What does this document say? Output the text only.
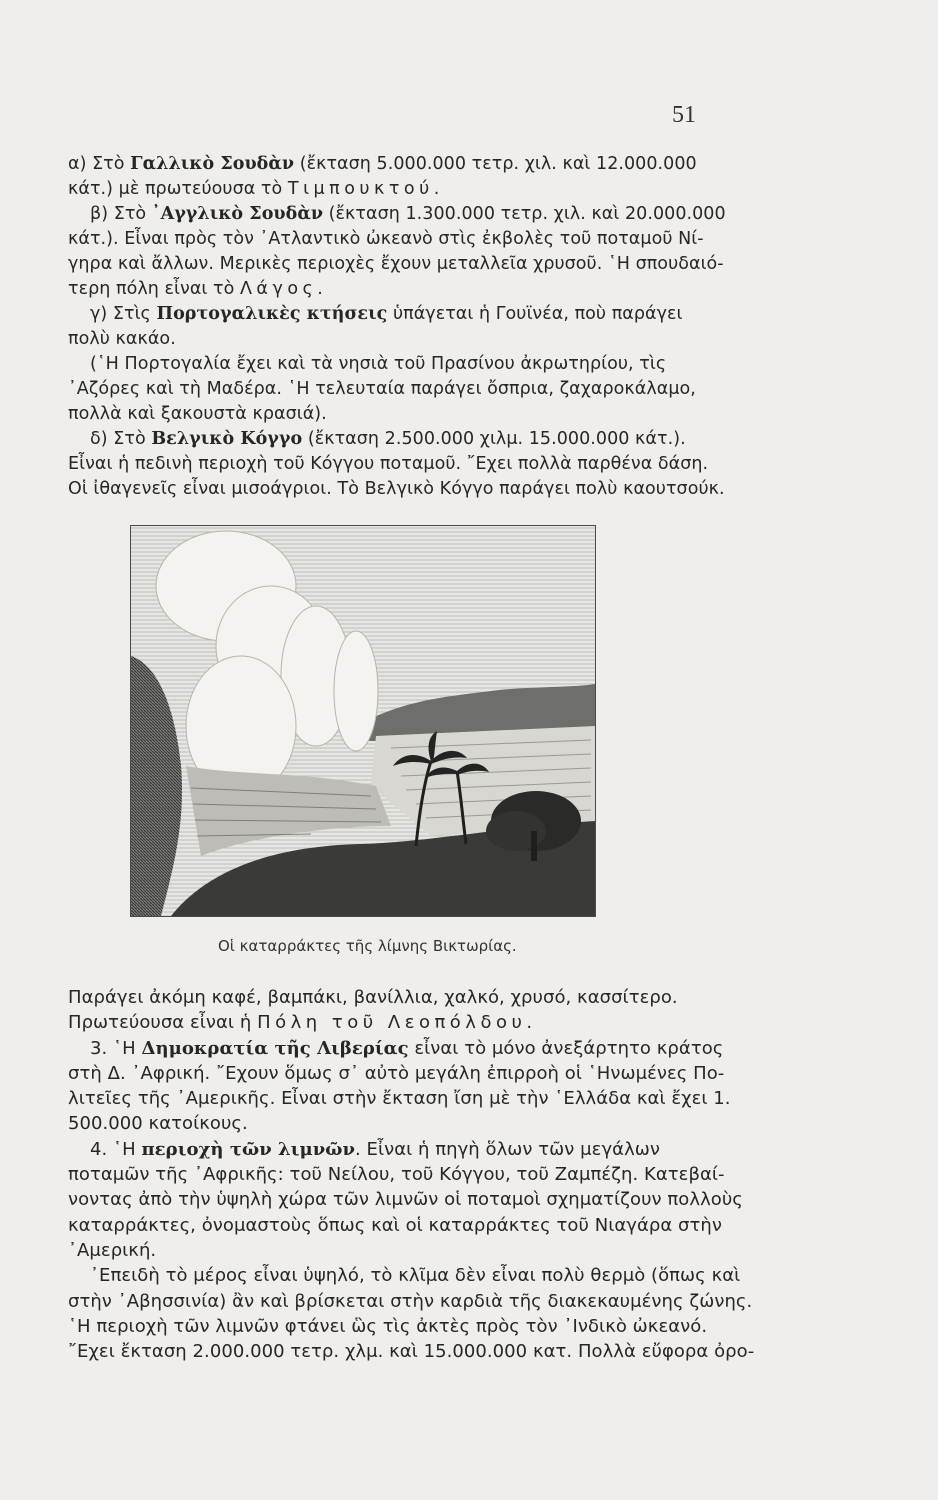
51
α) Στὸ Γαλλικὸ Σουδὰν (ἔκταση 5.000.000 τετρ. χιλ. καὶ 12.000.000
κάτ.) μὲ πρωτεύουσα τὸ Τιμπουκτού.
β) Στὸ ᾿Αγγλικὸ Σουδὰν (ἔκταση 1.300.000 τετρ. χιλ. καὶ 20.000.000
κάτ.). Εἶναι πρὸς τὸν ᾿Ατλαντικὸ ὠκεανὸ στὶς ἐκβολὲς τοῦ ποταμοῦ Νί-
γηρα καὶ ἄλλων. Μερικὲς περιοχὲς ἔχουν μεταλλεῖα χρυσοῦ. ῾Η σπουδαιό-
τερη πόλη εἶναι τὸ Λάγος.
γ) Στὶς Πορτογαλικὲς κτήσεις ὑπάγεται ἡ Γουϊνέα, ποὺ παράγει
πολὺ κακάο.
(῾Η Πορτογαλία ἔχει καὶ τὰ νησιὰ τοῦ Πρασίνου ἀκρωτηρίου, τὶς
᾿Αζόρες καὶ τὴ Μαδέρα. ῾Η τελευταία παράγει ὄσπρια, ζαχαροκάλαμο,
πολλὰ καὶ ξακουστὰ κρασιά).
δ) Στὸ Βελγικὸ Κόγγο (ἔκταση 2.500.000 χιλμ. 15.000.000 κάτ.).
Εἶναι ἡ πεδινὴ περιοχὴ τοῦ Κόγγου ποταμοῦ. ῎Εχει πολλὰ παρθένα δάση.
Οἱ ἰθαγενεῖς εἶναι μισοάγριοι. Τὸ Βελγικὸ Κόγγο παράγει πολὺ καουτσούκ.
Οἱ καταρράκτες τῆς λίμνης Βικτωρίας.
Παράγει ἀκόμη καφέ, βαμπάκι, βανίλλια, χαλκό, χρυσό, κασσίτερο.
Πρωτεύουσα εἶναι ἡ Πόλη τοῦ Λεοπόλδου.
3. ῾Η Δημοκρατία τῆς Λιβερίας εἶναι τὸ μόνο ἀνεξάρτητο κράτος
στὴ Δ. ᾿Αφρική. ῎Εχουν ὅμως σ᾿ αὐτὸ μεγάλη ἐπιρροὴ οἱ ῾Ηνωμένες Πο-
λιτεῖες τῆς ᾿Αμερικῆς. Εἶναι στὴν ἔκταση ἴση μὲ τὴν ῾Ελλάδα καὶ ἔχει 1.
500.000 κατοίκους.
4. ῾Η περιοχὴ τῶν λιμνῶν. Εἶναι ἡ πηγὴ ὅλων τῶν μεγάλων
ποταμῶν τῆς ᾿Αφρικῆς: τοῦ Νείλου, τοῦ Κόγγου, τοῦ Ζαμπέζη. Κατεβαί-
νοντας ἀπὸ τὴν ὑψηλὴ χώρα τῶν λιμνῶν οἱ ποταμοὶ σχηματίζουν πολλοὺς
καταρράκτες, ὀνομαστοὺς ὅπως καὶ οἱ καταρράκτες τοῦ Νιαγάρα στὴν
᾿Αμερική.
᾿Επειδὴ τὸ μέρος εἶναι ὑψηλό, τὸ κλῖμα δὲν εἶναι πολὺ θερμὸ (ὅπως καὶ
στὴν ᾿Αβησσινία) ἂν καὶ βρίσκεται στὴν καρδιὰ τῆς διακεκαυμένης ζώνης.
῾Η περιοχὴ τῶν λιμνῶν φτάνει ὣς τὶς ἀκτὲς πρὸς τὸν ᾿Ινδικὸ ὠκεανό.
῎Εχει ἔκταση 2.000.000 τετρ. χλμ. καὶ 15.000.000 κατ. Πολλὰ εὔφορα ὀρο-
